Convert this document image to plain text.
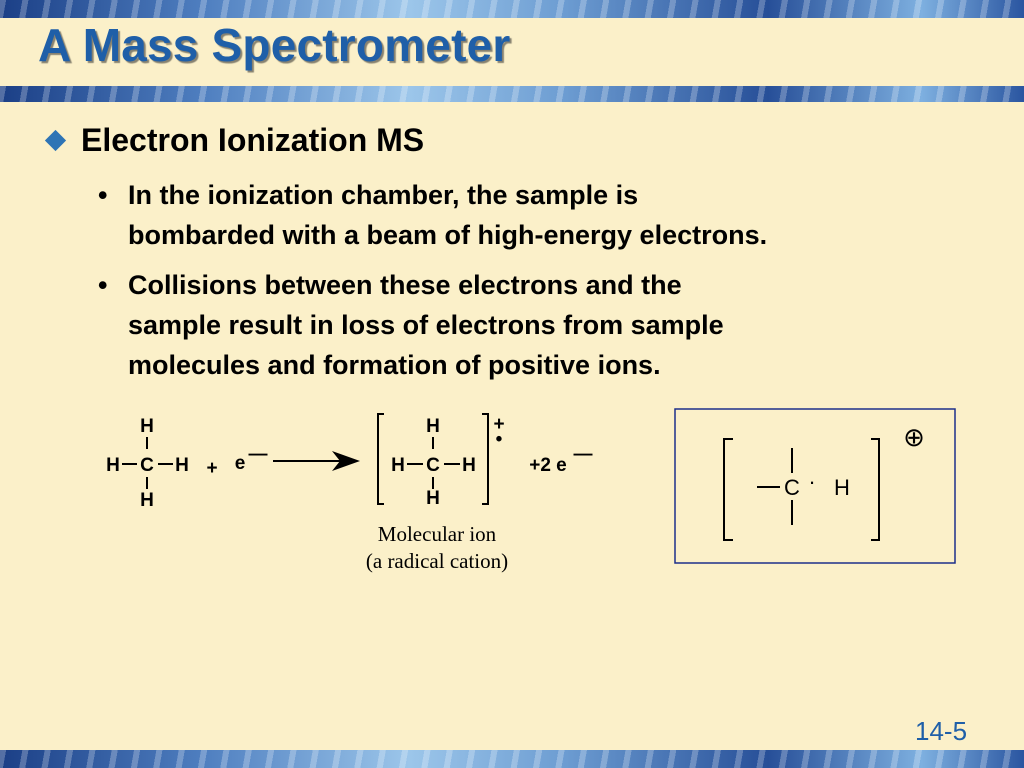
A Mass Spectrometer
Electron Ionization MS
• In the ionization chamber, the sample is
bombarded with a beam of high-energy electrons.
• Collisions between these electrons and the
sample result in loss of electrons from sample
molecules and formation of positive ions.
H
H C H
H
+ e —
H
H C H
H
+
•
+2 e
—
Molecular ion
(a radical cation)
C · H
⊕
14-5
